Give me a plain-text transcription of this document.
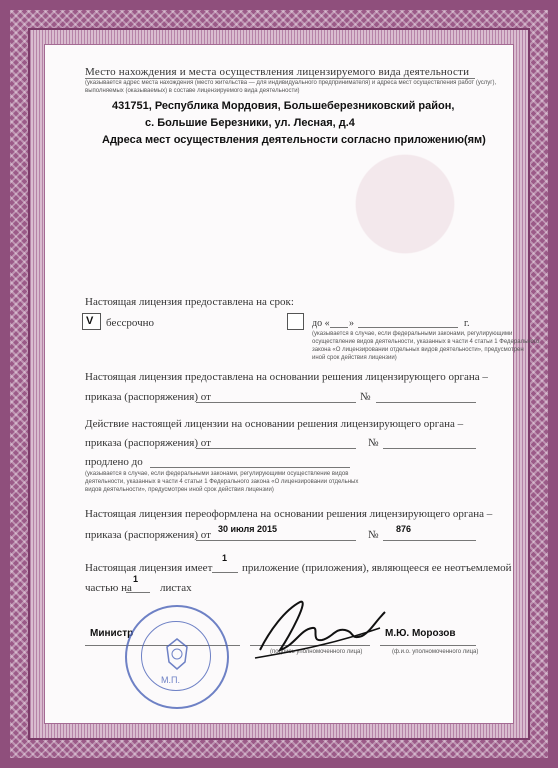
Место нахождения и места осуществления лицензируемого вида деятельности
(указывается адрес места нахождения (место жительства — для индивидуального предпринимателя) и адреса мест осуществления работ (услуг),
выполняемых (оказываемых) в составе лицензируемого вида деятельности)
431751, Республика Мордовия, Большеберезниковский район,
с. Большие Березники, ул. Лесная, д.4
Адреса мест осуществления деятельности согласно приложению(ям)
Настоящая лицензия предоставлена на срок:
V бессрочно	до « »	г.
(указывается в случае, если федеральными законами, регулирующими
осуществление видов деятельности, указанных в части 4 статьи 1 Федерального
закона «О лицензировании отдельных видов деятельности», предусмотрен
иной срок действия лицензии)
Настоящая лицензия предоставлена на основании решения лицензирующего органа –
приказа (распоряжения) от	№
Действие настоящей лицензии на основании решения лицензирующего органа –
приказа (распоряжения) от	№
продлено до
(указывается в случае, если федеральными законами, регулирующими осуществление видов
деятельности, указанных в части 4 статьи 1 Федерального закона «О лицензировании отдельных
видов деятельности», предусмотрен иной срок действия лицензии)
Настоящая лицензия переоформлена на основании решения лицензирующего органа –
приказа (распоряжения) от 30 июля 2015	№ 876
Настоящая лицензия имеет
1
приложение (приложения), являющееся ее неотъемлемой
частью на
1
листах
Министр
(подпись уполномоченного лица)
М.Ю. Морозов
(ф.и.о. уполномоченного лица)
М.П.
